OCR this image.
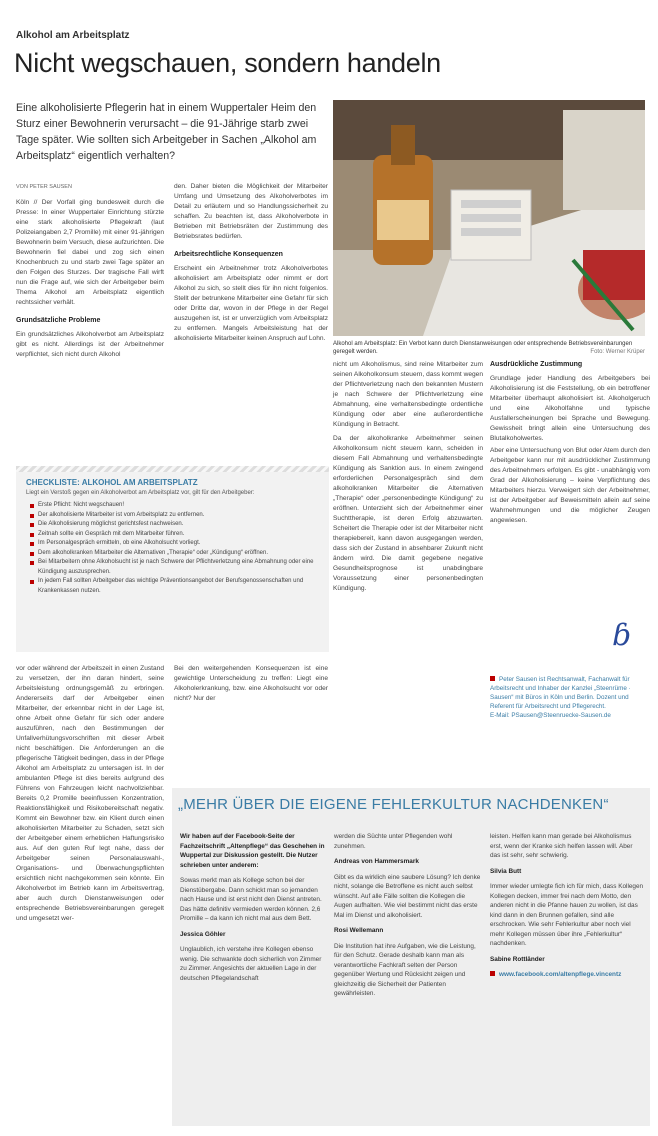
Alkohol am Arbeitsplatz
Nicht wegschauen, sondern handeln
Eine alkoholisierte Pflegerin hat in einem Wuppertaler Heim den Sturz einer Bewohnerin verursacht – die 91-Jährige starb zwei Tage später. Wie sollten sich Arbeitgeber in Sachen „Alkohol am Arbeitsplatz“ eigentlich verhalten?
Alkohol am Arbeitsplatz: Ein Verbot kann durch Dienstanweisungen oder entsprechende Betriebsvereinbarungen geregelt werden.	Foto: Werner Krüper
VON PETER SAUSEN

Köln // Der Vorfall ging bundesweit durch die Presse: In einer Wuppertaler Einrichtung stürzte eine stark alkoholisierte Pflegekraft (laut Polizeiangaben 2,7 Promille) mit einer 91-jährigen Bewohnerin beim Versuch, diese aufzurichten. Die Bewohnerin fiel dabei und zog sich einen Knochenbruch zu und starb zwei Tage später an den Folgen des Sturzes. Der tragische Fall wirft nun die Frage auf, wie sich der Arbeitgeber beim Thema Alkohol am Arbeitsplatz eigentlich rechtssicher verhält.

Grundsätzliche Probleme

Ein grundsätzliches Alkoholverbot am Arbeitsplatz gibt es nicht. Allerdings ist der Arbeitnehmer verpflichtet, sich nicht durch Alkohol

den. Daher bieten die Möglichkeit der Mitarbeiter Umfang und Umsetzung des Alkoholverbotes im Detail zu erläutern und so Handlungssicherheit zu schaffen. Zu beachten ist, dass Alkoholverbote in Betrieben mit Betriebsräten der Zustimmung des Betriebsrates bedürfen.

Arbeitsrechtliche Konsequenzen

Erscheint ein Arbeitnehmer trotz Alkoholverbotes alkoholisiert am Arbeitsplatz oder nimmt er dort Alkohol zu sich, so stellt dies für ihn nicht folgenlos. Stellt der betrunkene Mitarbeiter eine Gefahr für sich oder Dritte dar, wovon in der Pflege in der Regel auszugehen ist, ist er unverzüglich vom Arbeitsplatz zu entfernen. Mangels Arbeitsleistung hat der alkoholisierte Mitarbeiter keinen Anspruch auf Lohn.

nicht um Alkoholismus, sind reine Mitarbeiter zum seinen Alkoholkonsum steuern, dass kommt wegen der Pflichtverletzung nach den bekannten Mustern je nach Schwere der Pflichtverletzung eine Abmahnung, eine verhaltensbedingte ordentliche Kündigung oder aber eine außerordentliche Kündigung in Betracht.

Da der alkoholkranke Arbeitnehmer seinen Alkoholkonsum nicht steuern kann, scheiden in diesem Fall Abmahnung und verhaltensbedingte Kündigung als Sanktion aus. In einem zwingend erforderlichen Personalgespräch sind dem alkoholkranken Mitarbeiter die Alternativen „Therapie“ oder „personenbedingte Kündigung“ zu eröffnen. Unterzieht sich der Arbeitnehmer einer Suchttherapie, ist deren Erfolg abzuwarten. Scheitert die Therapie oder ist der Mitarbeiter nicht therapiebereit, kann davon ausgegangen werden, dass sich der Zustand in absehbarer Zukunft nicht ändern wird. Die damit gegebene negative Gesundheitsprognose ist unabdingbare Voraussetzung einer personenbedingten Kündigung.

Ausdrückliche Zustimmung

Grundlage jeder Handlung des Arbeitgebers bei Alkoholisierung ist die Feststellung, ob ein betroffener Mitarbeiter überhaupt alkoholisiert ist. Alkoholgeruch und eine Alkoholfahne und typische Ausfallerscheinungen bei Sprache und Bewegung. Gewissheit bringt allein eine Untersuchung des Blutalkoholwertes.

Aber eine Untersuchung von Blut oder Atem durch den Arbeitgeber kann nur mit ausdrücklicher Zustimmung des Arbeitnehmers erfolgen. Es gibt - unabhängig vom Grad der Alkoholisierung – keine Verpflichtung des Mitarbeiters hierzu. Verweigert sich der Arbeitnehmer, ist der Arbeitgeber auf Beweismitteln allein auf seine Wahrnehmungen und die möglicher Zeugen angewiesen.

CHECKLISTE: ALKOHOL AM ARBEITSPLATZ
Liegt ein Verstoß gegen ein Alkoholverbot am Arbeitsplatz vor, gilt für den Arbeitgeber:
Erste Pflicht: Nicht wegschauen!
Der alkoholisierte Mitarbeiter ist vom Arbeitsplatz zu entfernen.
Die Alkoholisierung möglichst gerichtsfest nachweisen.
Zeitnah sollte ein Gespräch mit dem Mitarbeiter führen.
Im Personalgespräch ermitteln, ob eine Alkoholsucht vorliegt.
Dem alkoholkranken Mitarbeiter die Alternativen „Therapie“ oder „Kündigung“ eröffnen.
Bei Mitarbeitern ohne Alkoholsucht ist je nach Schwere der Pflichtverletzung eine Abmahnung oder eine Kündigung auszusprechen.
In jedem Fall sollten Arbeitgeber das wichtige Präventionsangebot der Berufsgenossenschaften und Krankenkassen nutzen.

vor oder während der Arbeitszeit in einen Zustand zu versetzen, der ihn daran hindert, seine Arbeitsleistung ordnungsgemäß zu erbringen. Andererseits darf der Arbeitgeber einen Mitarbeiter, der erkennbar nicht in der Lage ist, ohne Arbeit ohne Gefahr für sich oder andere auszuführen, nach den Bestimmungen der Unfallverhütungsvorschriften mit dieser Arbeit nicht beschäftigen. Die Anforderungen an die pflegerische Tätigkeit bedingen, dass in der Pflege Alkohol am Arbeitsplatz zu untersagen ist. In der ambulanten Pflege ist dies bereits aufgrund des Führens von Fahrzeugen leicht nachvollziehbar. Bereits 0,2 Promille beeinflussen Konzentration, Reaktionsfähigkeit und Risikobereitschaft negativ. Kommt ein Bewohner bzw. ein Klient durch einen alkoholisierten Mitarbeiter zu Schaden, setzt sich der Arbeitgeber einem erheblichen Haftungsrisiko aus. Auf den guten Ruf legt nahe, dass der Arbeitgeber seinen Personalauswahl-, Organisations- und Überwachungspflichten ersichtlich nicht nachgekommen sein könnte. Ein Alkoholverbot im Betrieb kann im Arbeitsvertrag, aber auch durch Dienstanweisungen oder entsprechende Betriebsvereinbarungen geregelt und umgesetzt wer-

Bei den weitergehenden Konsequenzen ist eine gewichtige Unterscheidung zu treffen: Liegt eine Alkoholerkrankung, bzw. eine Alkoholsucht vor oder nicht? Nur der

ɓ
Peter Sausen ist Rechtsanwalt, Fachanwalt für Arbeitsrecht und Inhaber der Kanzlei „Steenrüme · Sausen“ mit Büros in Köln und Berlin. Dozent und Referent für Arbeitsrecht und Pflegerecht.
E-Mail: PSausen@Steenruecke-Sausen.de
„MEHR ÜBER DIE EIGENE FEHLERKULTUR NACHDENKEN“

Wir haben auf der Facebook-Seite der Fachzeitschrift „Altenpflege“ das Geschehen in Wuppertal zur Diskussion gestellt. Die Nutzer schrieben unter anderem:

Sowas merkt man als Kollege schon bei der Dienstübergabe. Dann schickt man so jemanden nach Hause und ist erst nicht den Dienst antreten. Das hätte definitiv vermieden werden können. 2,6 Promille – da kann ich nicht mal aus dem Bett.

Jessica Göhler

Unglaublich, ich verstehe ihre Kollegen ebenso wenig. Die schwankte doch sicherlich von Zimmer zu Zimmer. Angesichts der aktuellen Lage in der deutschen Pflegelandschaft

werden die Süchte unter Pflegenden wohl zunehmen.

Andreas von Hammersmark

Gibt es da wirklich eine saubere Lösung? Ich denke nicht, solange die Betroffene es nicht auch selbst wünscht. Auf alle Fälle sollten die Kollegen die Augen aufhalten. Wie viel bestimmt nicht das erste Mal im Dienst und alkoholisiert.

Rosi Wellemann

Die Institution hat ihre Aufgaben, wie die Leistung, für den Schutz. Gerade deshalb kann man als verantwortliche Fachkraft selten der Person gegenüber Wertung und Rücksicht zeigen und gleichzeitig die Sicherheit der Patienten gewährleisten.

leisten. Helfen kann man gerade bei Alkoholismus erst, wenn der Kranke sich helfen lassen will. Aber das ist sehr, sehr schwierig.

Silvia Butt

Immer wieder umlegte fich ich für mich, dass Kollegen Kollegen decken, immer frei nach dem Motto, den anderen nicht in die Pfanne hauen zu wollen, ist das kind dann in den Brunnen gefallen, sind alle erschrocken. Wie sehr Fehlerkultur aber noch viel mehr Kollegen müssen über ihre „Fehlerkultur“ nachdenken.

Sabine Rottländer

www.facebook.com/altenpflege.vincentz
